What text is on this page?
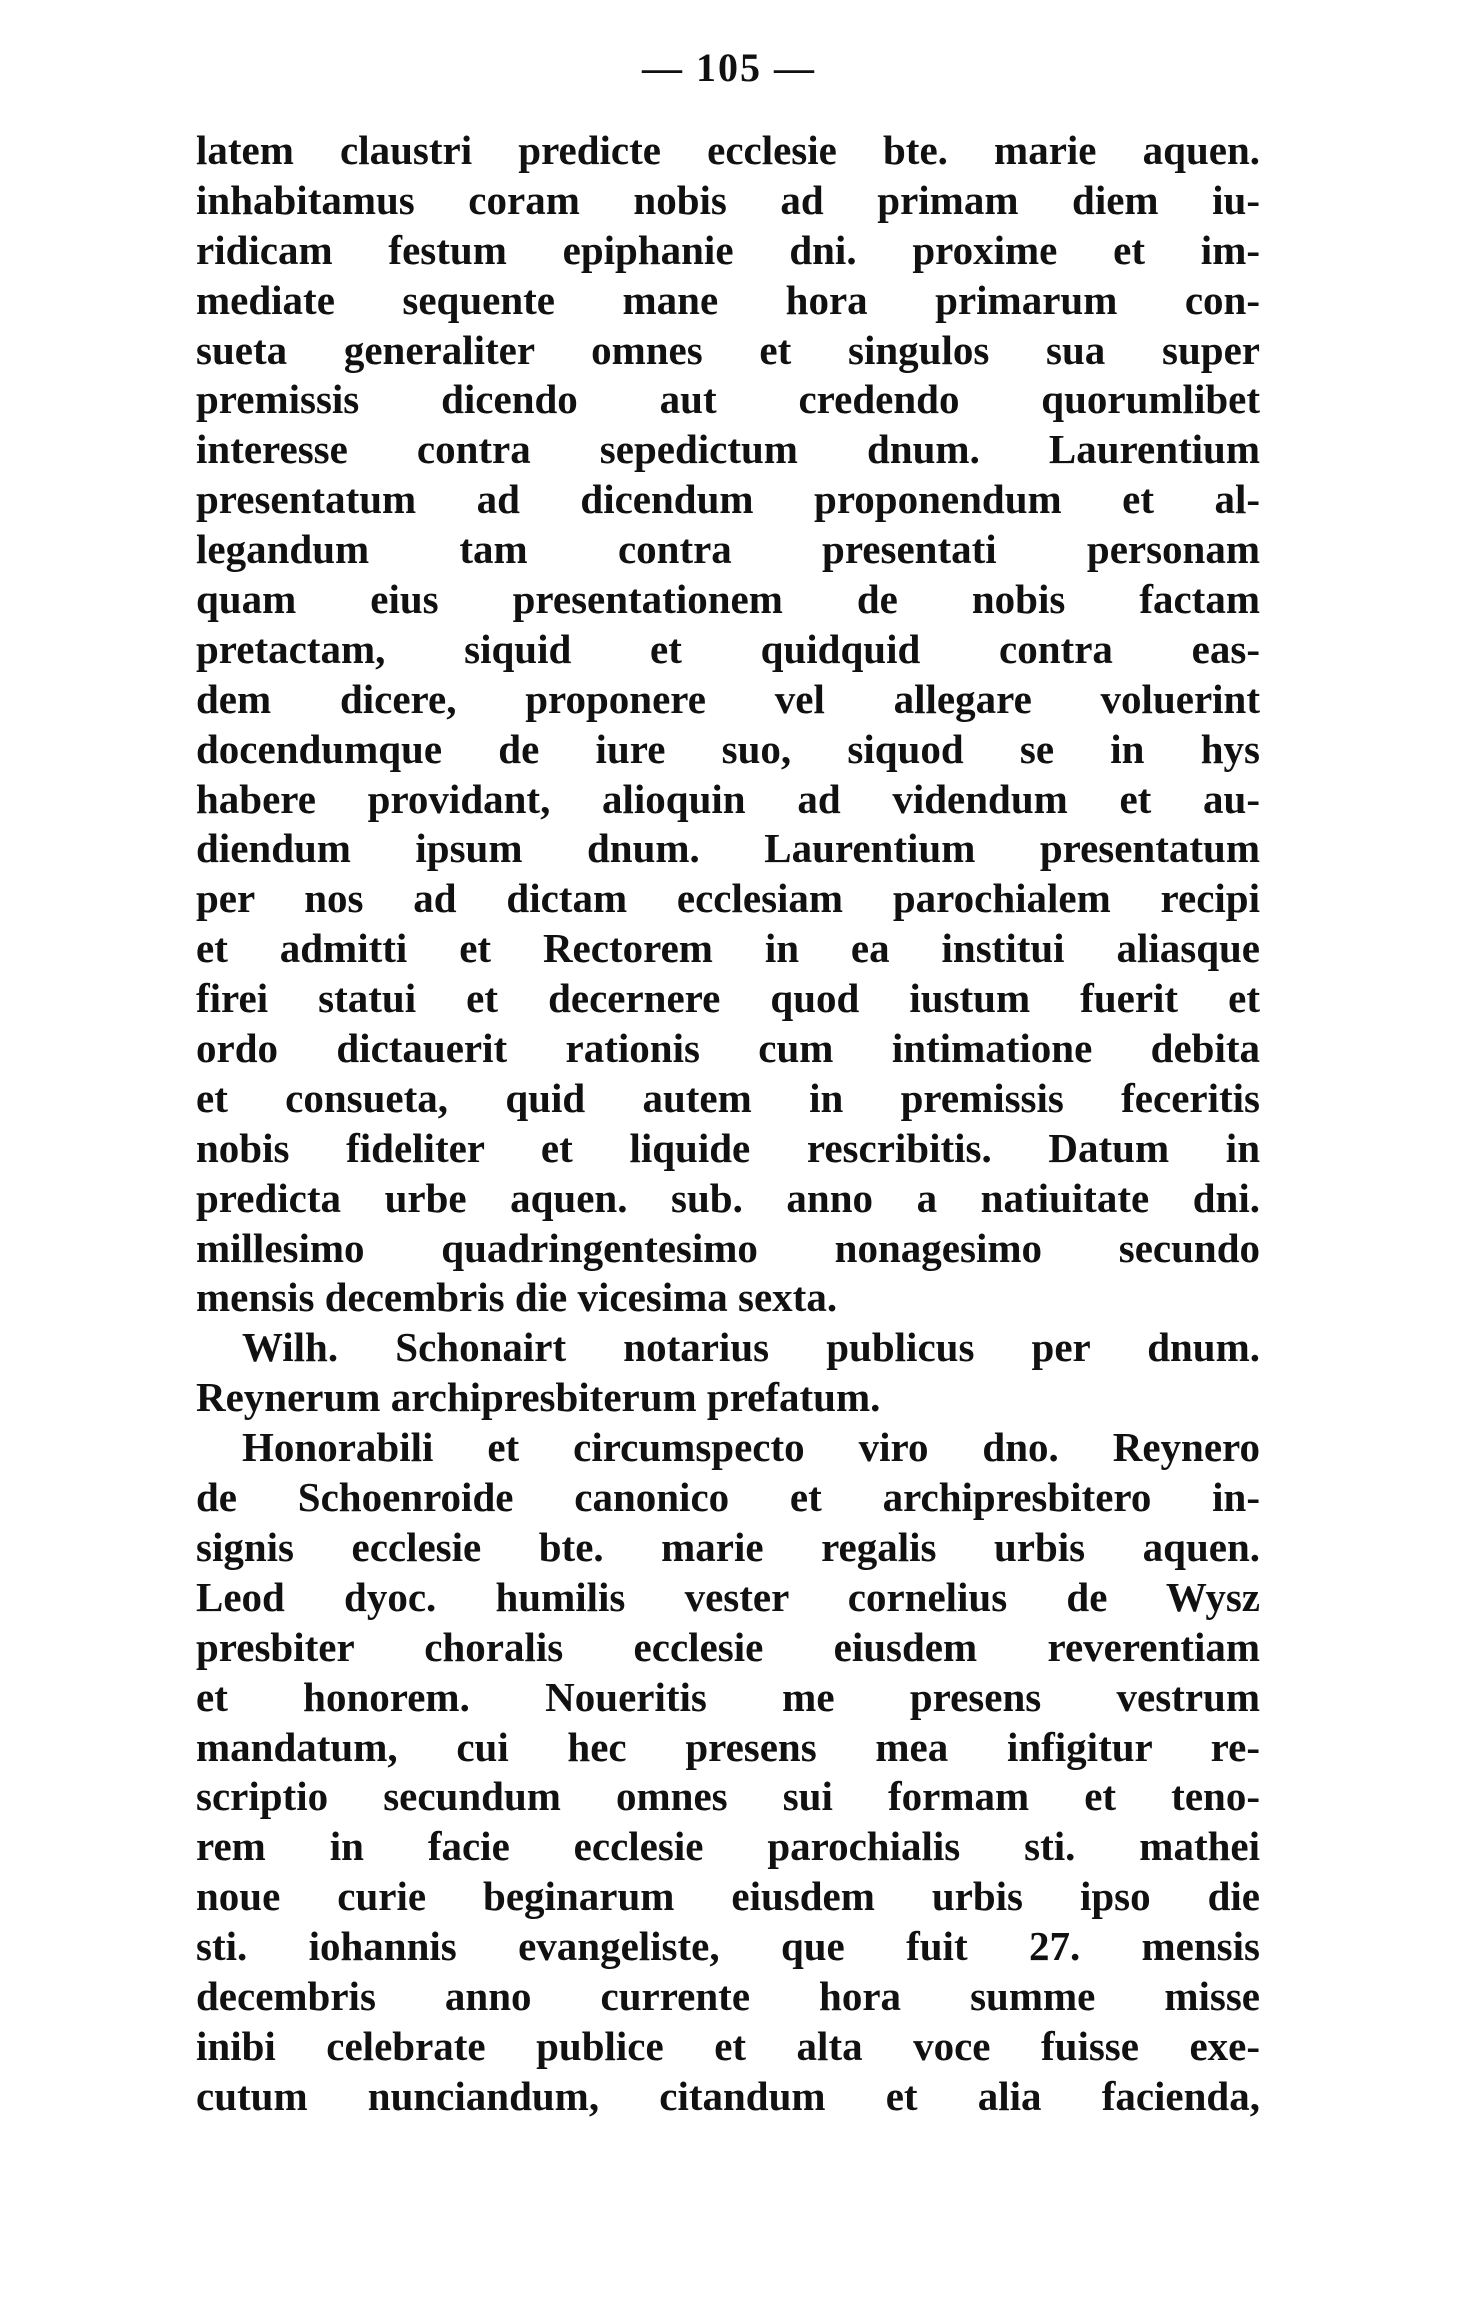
— 105 —
latem claustri predicte ecclesie bte. marie aquen.
inhabitamus coram nobis ad primam diem iu-
ridicam festum epiphanie dni. proxime et im-
mediate sequente mane hora primarum con-
sueta generaliter omnes et singulos sua super
premissis dicendo aut credendo quorumlibet
interesse contra sepedictum dnum. Laurentium
presentatum ad dicendum proponendum et al-
legandum tam contra presentati personam
quam eius presentationem de nobis factam
pretactam, siquid et quidquid contra eas-
dem dicere, proponere vel allegare voluerint
docendumque de iure suo, siquod se in hys
habere providant, alioquin ad videndum et au-
diendum ipsum dnum. Laurentium presentatum
per nos ad dictam ecclesiam parochialem recipi
et admitti et Rectorem in ea institui aliasque
firei statui et decernere quod iustum fuerit et
ordo dictauerit rationis cum intimatione debita
et consueta, quid autem in premissis feceritis
nobis fideliter et liquide rescribitis. Datum in
predicta urbe aquen. sub. anno a natiuitate dni.
millesimo quadringentesimo nonagesimo secundo
mensis decembris die vicesima sexta.
Wilh. Schonairt notarius publicus per dnum.
Reynerum archipresbiterum prefatum.
Honorabili et circumspecto viro dno. Reynero
de Schoenroide canonico et archipresbitero in-
signis ecclesie bte. marie regalis urbis aquen.
Leod dyoc. humilis vester cornelius de Wysz
presbiter choralis ecclesie eiusdem reverentiam
et honorem. Noueritis me presens vestrum
mandatum, cui hec presens mea infigitur re-
scriptio secundum omnes sui formam et teno-
rem in facie ecclesie parochialis sti. mathei
noue curie beginarum eiusdem urbis ipso die
sti. iohannis evangeliste, que fuit 27. mensis
decembris anno currente hora summe misse
inibi celebrate publice et alta voce fuisse exe-
cutum nunciandum, citandum et alia facienda,
